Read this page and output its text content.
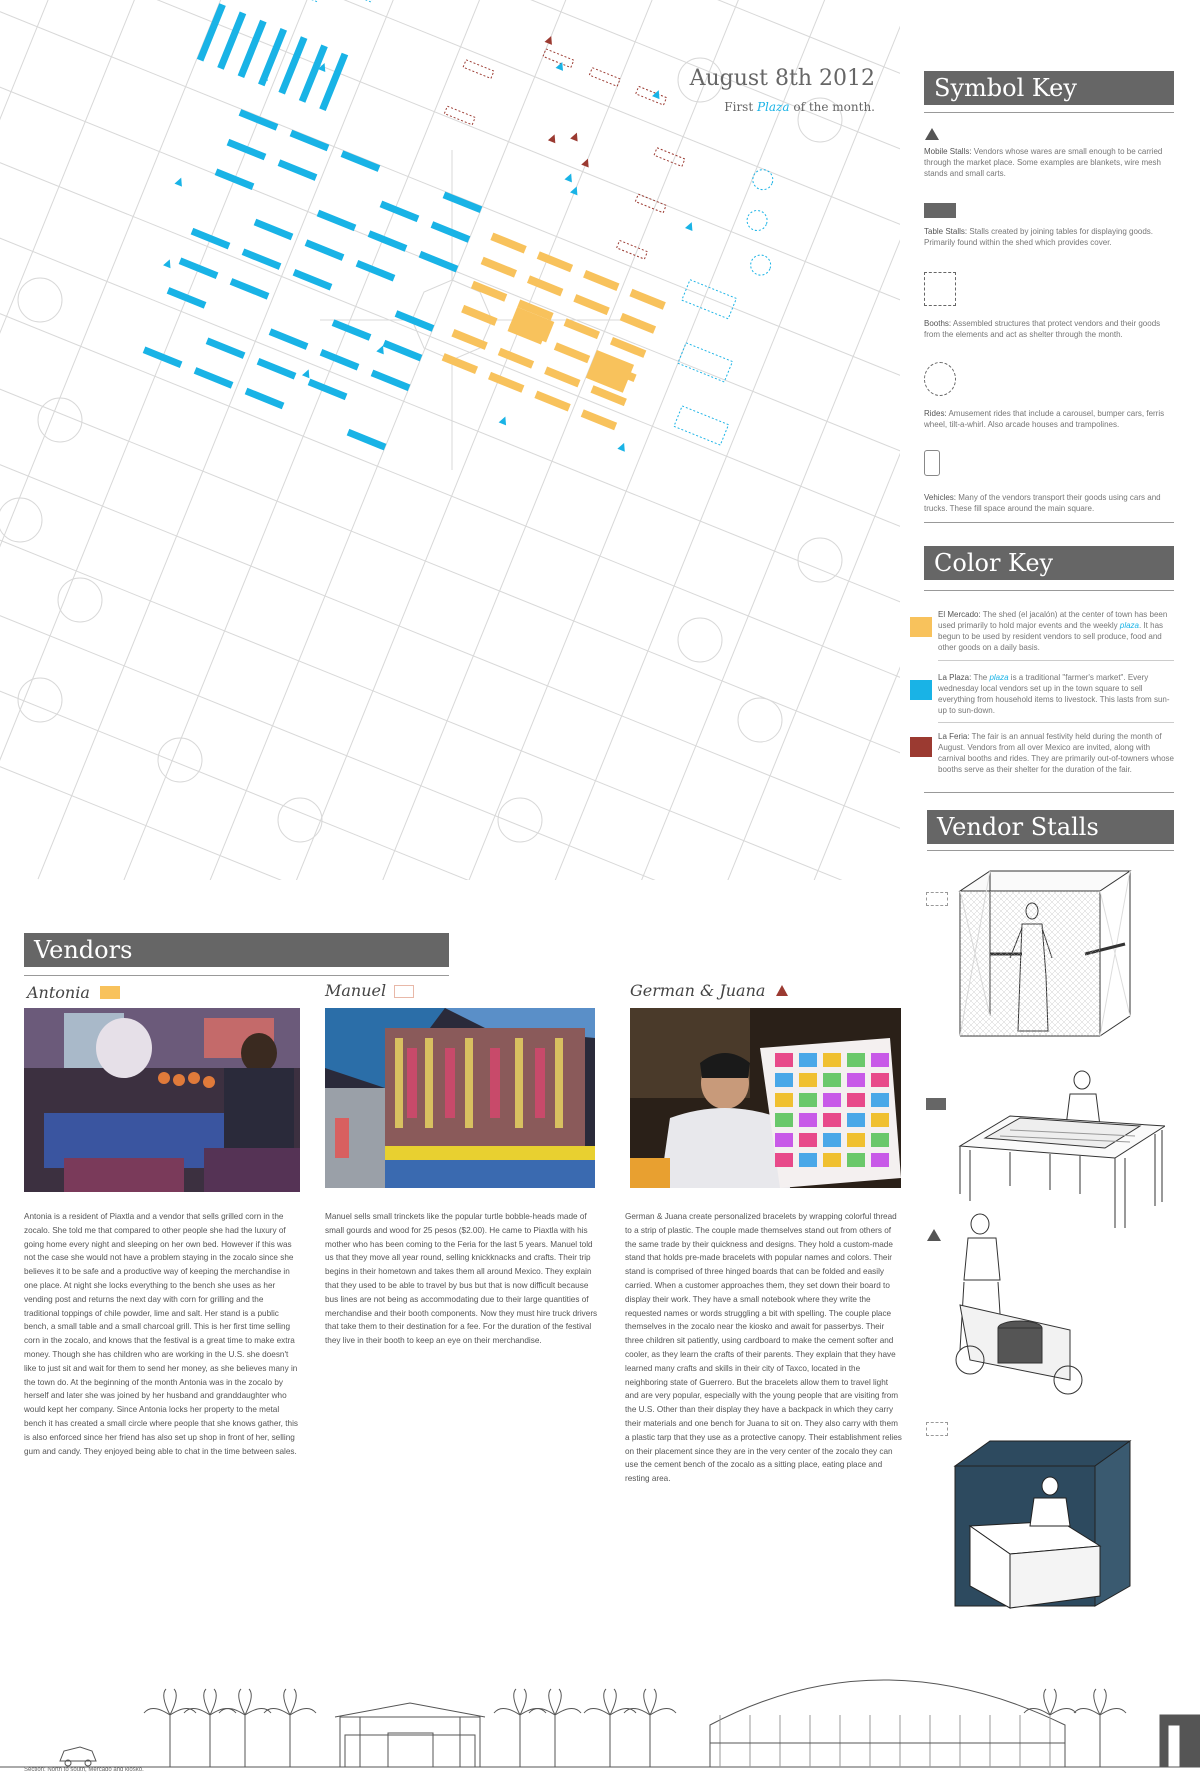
August 8th 2012
First Plaza of the month.
Symbol Key
Mobile Stalls: Vendors whose wares are small enough to be carried through the market place. Some examples are blankets, wire mesh stands and small carts.
Table Stalls: Stalls created by joining tables for displaying goods. Primarily found within the shed which provides cover.
Booths: Assembled structures that protect vendors and their goods from the elements and act as shelter through the month.
Rides: Amusement rides that include a carousel, bumper cars, ferris wheel, tilt-a-whirl. Also arcade houses and trampolines.
Vehicles: Many of the vendors transport their goods using cars and trucks. These fill space around the main square.
Color Key
El Mercado: The shed (el jacalón) at the center of town has been used primarily to hold major events and the weekly plaza. It has begun to be used by resident vendors to sell produce, food and other goods on a daily basis.
La Plaza: The plaza is a traditional "farmer's market". Every wednesday local vendors set up in the town square to sell everything from household items to livestock. This lasts from sun-up to sun-down.
La Feria: The fair is an annual festivity held during the month of August. Vendors from all over Mexico are invited, along with carnival booths and rides. They are primarily out-of-towners whose booths serve as their shelter for the duration of the fair.
Vendor Stalls
Vendors
Antonia
Antonia is a resident of Piaxtla and a vendor that sells grilled corn in the zocalo. She told me that compared to other people she had the luxury of going home every night and sleeping on her own bed. However if this was not the case she would not have a problem staying in the zocalo since she believes it to be safe and a productive way of keeping the merchandise in one place. At night she locks everything to the bench she uses as her vending post and returns the next day with corn for grilling and the traditional toppings of chile powder, lime and salt. Her stand is a public bench, a small table and a small charcoal grill. This is her first time selling corn in the zocalo, and knows that the festival is a great time to make extra money. Though she has children who are working in the U.S. she doesn't like to just sit and wait for them to send her money, as she believes many in the town do. At the beginning of the month Antonia was in the zocalo by herself and later she was joined by her husband and granddaughter who would kept her company. Since Antonia locks her property to the metal bench it has created a small circle where people that she knows gather, this is also enforced since her friend has also set up shop in front of her, selling gum and candy. They enjoyed being able to chat in the time between sales.
Manuel
Manuel sells small trinckets like the popular turtle bobble-heads made of small gourds and wood for 25 pesos ($2.00). He came to Piaxtla with his mother who has been coming to the Feria for the last 5 years. Manuel told us that they move all year round, selling knickknacks and crafts. Their trip begins in their hometown and takes them all around Mexico. They explain that they used to be able to travel by bus but that is now difficult because bus lines are not being as accommodating due to their large quantities of merchandise and their booth components. Now they must hire truck drivers that take them to their destination for a fee. For the duration of the festival they live in their booth to keep an eye on their merchandise.
German & Juana
German & Juana create personalized bracelets by wrapping colorful thread to a strip of plastic. The couple made themselves stand out from others of the same trade by their quickness and designs. They hold a custom-made stand that holds pre-made bracelets with popular names and colors. Their stand is comprised of three hinged boards that can be folded and easily carried. When a customer approaches them, they set down their board to display their work. They have a small notebook where they write the requested names or words struggling a bit with spelling. The couple place themselves in the zocalo near the kiosko and await for passerbys. Their three children sit patiently, using cardboard to make the cement softer and cooler, as they learn the crafts of their parents. They explain that they have learned many crafts and skills in their city of Taxco, located in the neighboring state of Guerrero. But the bracelets allow them to travel light and are very popular, especially with the young people that are visiting from the U.S. Other than their display they have a backpack in which they carry their materials and one bench for Juana to sit on. They also carry with them a plastic tarp that they use as a protective canopy. Their establishment relies on their placement since they are in the very center of the zocalo they can use the cement bench of the zocalo as a sitting place, eating place and resting area.
Section: North to south, Mercado and kiosko.
